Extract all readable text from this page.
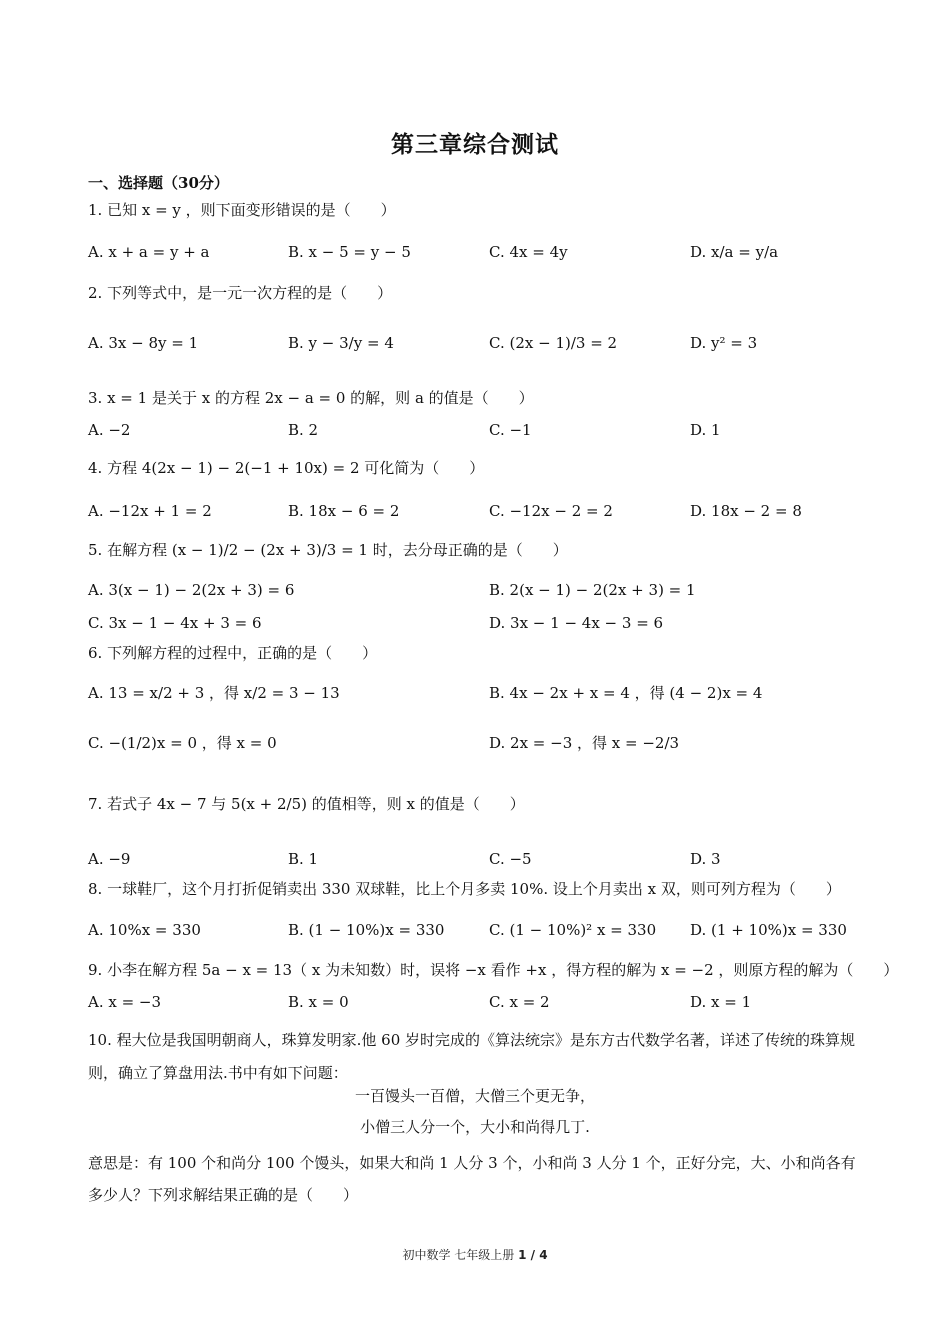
第三章综合测试
一、选择题（30分）
1. 已知 x = y ，则下面变形错误的是（　　）
A. x + a = y + a	B. x − 5 = y − 5	C. 4x = 4y	D. x/a = y/a
2. 下列等式中，是一元一次方程的是（　　）
A. 3x − 8y = 1	B. y − 3/y = 4	C. (2x − 1)/3 = 2	D. y² = 3
3. x = 1 是关于 x 的方程 2x − a = 0 的解，则 a 的值是（　　）
A. −2	B. 2	C. −1	D. 1
4. 方程 4(2x − 1) − 2(−1 + 10x) = 2 可化简为（　　）
A. −12x + 1 = 2	B. 18x − 6 = 2	C. −12x − 2 = 2	D. 18x − 2 = 8
5. 在解方程 (x − 1)/2 − (2x + 3)/3 = 1 时，去分母正确的是（　　）
A. 3(x − 1) − 2(2x + 3) = 6	B. 2(x − 1) − 2(2x + 3) = 1
C. 3x − 1 − 4x + 3 = 6	D. 3x − 1 − 4x − 3 = 6
6. 下列解方程的过程中，正确的是（　　）
A. 13 = x/2 + 3 ，得 x/2 = 3 − 13	B. 4x − 2x + x = 4 ，得 (4 − 2)x = 4
C. −(1/2)x = 0 ，得 x = 0	D. 2x = −3 ，得 x = −2/3
7. 若式子 4x − 7 与 5(x + 2/5) 的值相等，则 x 的值是（　　）
A. −9	B. 1	C. −5	D. 3
8. 一球鞋厂，这个月打折促销卖出 330 双球鞋，比上个月多卖 10%. 设上个月卖出 x 双，则可列方程为（　　）
A. 10%x = 330	B. (1 − 10%)x = 330	C. (1 − 10%)² x = 330 D. (1 + 10%)x = 330
9. 小李在解方程 5a − x = 13（ x 为未知数）时，误将 −x 看作 +x ，得方程的解为 x = −2 ，则原方程的解为（　　）
A. x = −3	B. x = 0	C. x = 2	D. x = 1
10. 程大位是我国明朝商人，珠算发明家.他 60 岁时完成的《算法统宗》是东方古代数学名著，详述了传统的珠算规则，确立了算盘用法.书中有如下问题：
一百馒头一百僧，大僧三个更无争，
小僧三人分一个，大小和尚得几丁.
意思是：有 100 个和尚分 100 个馒头，如果大和尚 1 人分 3 个，小和尚 3 人分 1 个，正好分完，大、小和尚各有多少人？下列求解结果正确的是（　　）
初中数学 七年级上册 1 / 4
